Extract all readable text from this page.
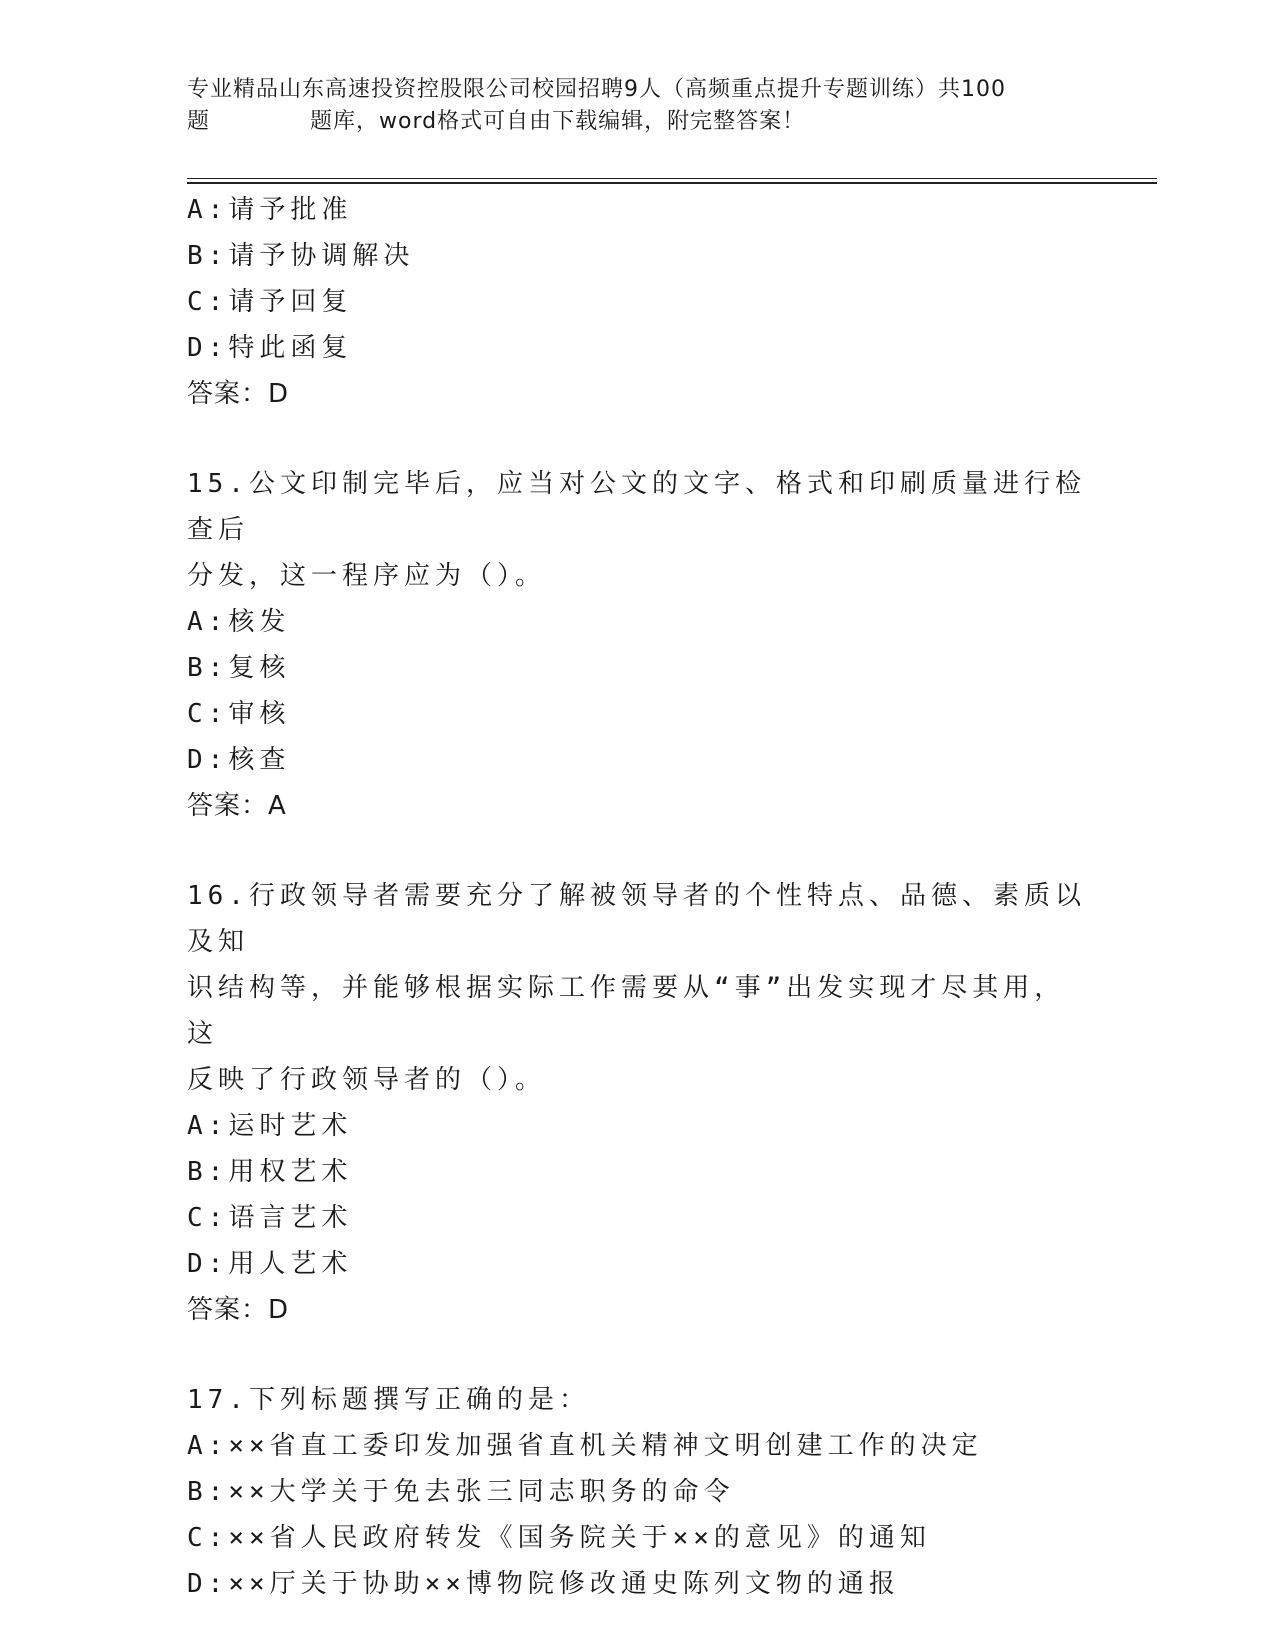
专业精品山东高速投资控股限公司校园招聘9人（高频重点提升专题训练）共100
题	题库，word格式可自由下载编辑，附完整答案！
A:请予批准
B:请予协调解决
C:请予回复
D:特此函复
答案：D
15.公文印制完毕后，应当对公文的文字、格式和印刷质量进行检查后
分发，这一程序应为（）。
A:核发
B:复核
C:审核
D:核查
答案：A
16.行政领导者需要充分了解被领导者的个性特点、品德、素质以及知
识结构等，并能够根据实际工作需要从“事”出发实现才尽其用，这
反映了行政领导者的（）。
A:运时艺术
B:用权艺术
C:语言艺术
D:用人艺术
答案：D
17.下列标题撰写正确的是：
A:××省直工委印发加强省直机关精神文明创建工作的决定
B:××大学关于免去张三同志职务的命令
C:××省人民政府转发《国务院关于××的意见》的通知
D:××厅关于协助××博物院修改通史陈列文物的通报
